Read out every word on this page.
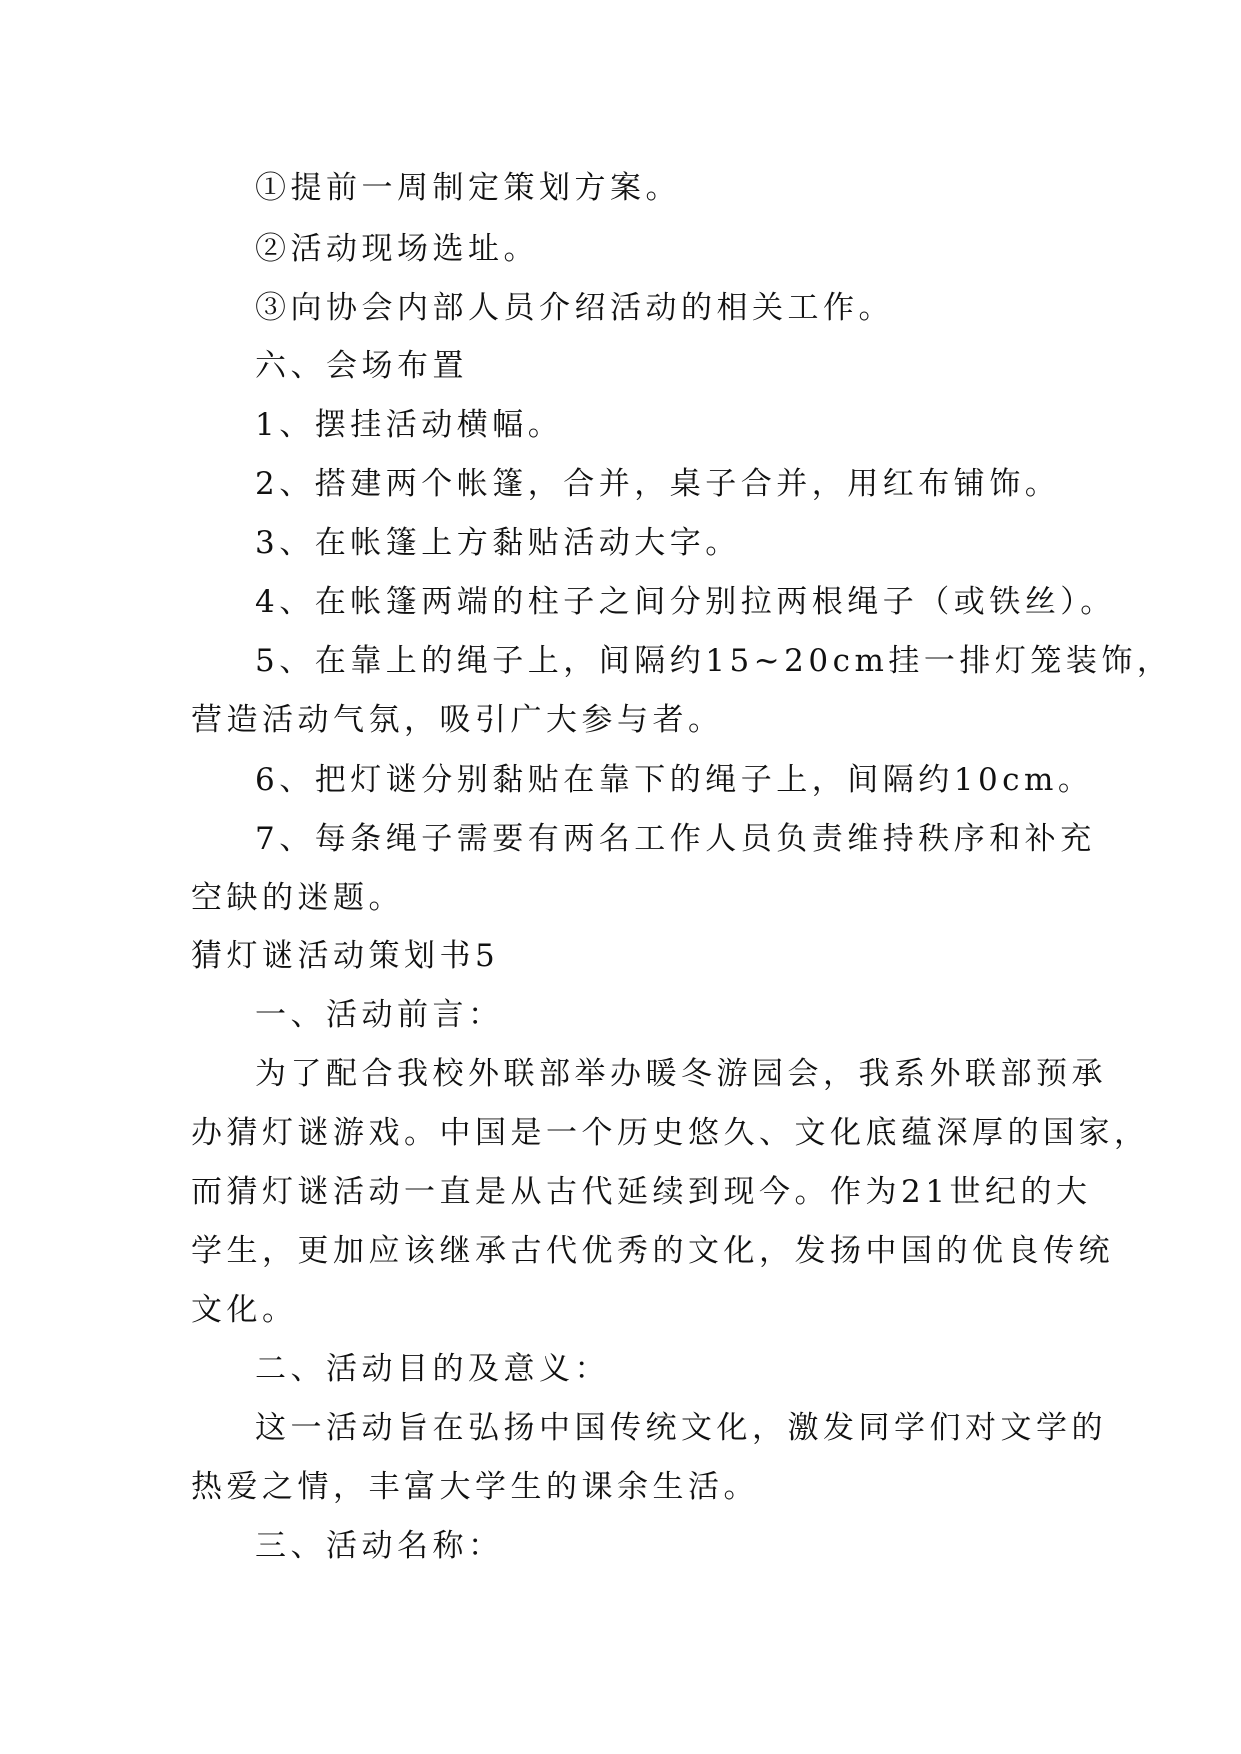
①提前一周制定策划方案。

②活动现场选址。

③向协会内部人员介绍活动的相关工作。

六、会场布置

1、摆挂活动横幅。

2、搭建两个帐篷，合并，桌子合并，用红布铺饰。

3、在帐篷上方黏贴活动大字。

4、在帐篷两端的柱子之间分别拉两根绳子（或铁丝）。

5、在靠上的绳子上，间隔约15~20cm挂一排灯笼装饰，

营造活动气氛，吸引广大参与者。

6、把灯谜分别黏贴在靠下的绳子上，间隔约10cm。

7、每条绳子需要有两名工作人员负责维持秩序和补充

空缺的迷题。

猜灯谜活动策划书5

一、活动前言：

为了配合我校外联部举办暖冬游园会，我系外联部预承

办猜灯谜游戏。中国是一个历史悠久、文化底蕴深厚的国家，

而猜灯谜活动一直是从古代延续到现今。作为21世纪的大

学生，更加应该继承古代优秀的文化，发扬中国的优良传统

文化。

二、活动目的及意义：

这一活动旨在弘扬中国传统文化，激发同学们对文学的

热爱之情，丰富大学生的课余生活。

三、活动名称：
